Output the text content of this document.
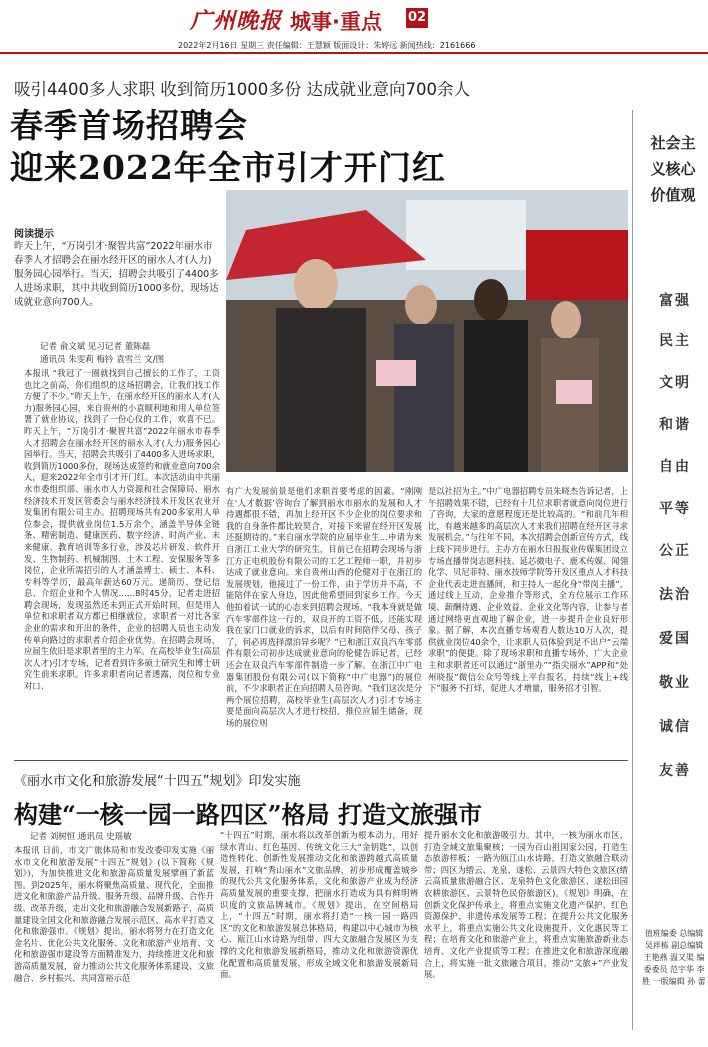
广州晚报 城事·重点 02
2022年2月16日 星期三 责任编辑：王慧颖 版面设计：朱婷远 新闻热线：2161666
吸引4400多人求职 收到简历1000多份 达成就业意向700余人
春季首场招聘会
迎来2022年全市引才开门红
阅读提示
昨天上午，“万岗引才·聚智共富”2022年丽水市春季人才招聘会在丽水经开区的丽水人才(人力)服务园心园举行。当天，招聘会共吸引了4400多人进场求职，其中共收到简历1000多份，现场达成就业意向700人。
记者 俞文斌 见习记者 董陈磊
通讯员 朱雯莉 梅钤 袁雪兰 文/图
本报讯 “我冠了一圈就找到自己擅长的工作了，工资也比之前高，你们组织的这场招聘会，让我们找工作方便了不少。”昨天上午，在丽水经开区的丽水人才(人力)服务园心园，来自贵州的小袁顺利地和用人单位签署了就业协议，找到了一份心仪的工作，欢喜不已。昨天上午，“万岗引才·聚智共富”2022年丽水市春季人才招聘会在丽水经开区的丽水人才(人力)服务园心园举行。当天，招聘会共吸引了4400多人进场求职，收到简历1000多份，现场达成签约和就业意向700余人，迎来2022年全市引才开门红。本次活动由中共丽水市委组织部、丽水市人力资源和社会保障局、丽水经济技术开发区管委会与丽水经济技术开发区农业开发集团有限公司主办。招聘现场共有200多家用人单位参会，提供就业岗位1.5万余个，涵盖半导体全链条、精密制造、健康医药、数字经济、时尚产业、未来健康、教育培训等多行业，涉及芯片研发、软件开发、生物制药、机械制图、土木工程、安保服务等多岗位，企业所需招引的人才涵盖博士、硕士、本科、专科等学历，最高年薪达60万元。递简历、登记信息、介绍企业和个人情况……8时45分，记者走进招聘会现场，发现虽然还未到正式开始时间，但是用人单位和求职者双方都已相继就位，求职者一对比各家企业的需求和开出的条件，企业的招聘人员也主动发传单向路过的求职者介绍企业优势。在招聘会现场，应届生依旧是求职者里的主力军。在高校毕业生(高层次人才)引才专场，记者看到许多硕士研究生和博士研究生前来求职。许多求职者向记者透露，岗位和专业对口、
有广大发展前景是他们求职首要考虑的因素。“刚刚在‘人才数据’咨询台了解到丽水市丽水的发展和人才待遇都很不错，再加上经开区不少企业的岗位要求和我的自身条件都比较契合，对接下来留在经开区发展还挺期待的。”来自丽水学院的应届毕业生…申请为来自浙江工业大学的研究生，目前已在招聘会现场与浙江方正电机股份有限公司的工艺工程师一职，并初步达成了就业意向。来自贵州山西的伦健对于在浙江的发展规划，他接过了一份工作，由于学历并不高，不能陪伴在家人身边，因此他希望回到家乡工作。今天他拍着试一试的心态来到招聘会现场。“我本身就是做汽车零部件这一行的，双良开的工资不低，还能实现我在家门口就业的诉求，以后有时间陪伴父母、孩子了，何必再选择漂泊异乡呢？”已和浙江双良汽车零部件有限公司初步达成就业意向的伦健告诉记者，已经还会在双良汽车零部件制造一步了解。在浙江中广电器集团股份有限公司(以下简称“中广电器”)的展位前，不少求职者正在向招聘人员咨询。“我们这次是分两个展位招聘，高校毕业生(高层次人才)引才专场主要是面向高层次人才进行校招，推位应届生储备，现场的展位则
是以社招为主。”中广电器招聘专员朱晓杰告诉记者，上午招聘效果不错，已经有十几位求职者就意向岗位进行了咨询，大家的意愿程度还是比较高的。“和前几年相比，有越来越多的高层次人才来我们招聘在经开区寻求发展机会。”与往年不同，本次招聘会创新宣传方式，线上线下同步进行。主办方在丽水日报报业传媒集团设立专场直播带岗志愿科技、延芯微电子、鹿术传媒、闻翎化学、贝尼菲特、丽水技师学院等开发区重点人才科技企业代表走进直播间，和主持人一起化身“带岗主播”，通过线上互动，企业推介等形式，全方位展示工作环境、薪酬待遇、企业效益、企业文化等内容，让参与者通过网络更直观地了解企业，进一步提升企业良好形象。据了解，本次直播专场观看人数达10万人次，提供就业岗位40余个，让求职人员体验到足不出户“云端求职”的便捷。除了现场求职和直播专场外，广大企业主和求职者还可以通过“浙里办”“指尖丽水”APP和“处州晓报”微信公众号等线上平台报名，持续“线上+线下”服务不打烊，促进人才增量，服务招才引智。
社会主义核心价值观
富强
民主
文明
和谐
自由
平等
公正
法治
爱国
敬业
诚信
友善
《丽水市文化和旅游发展“十四五”规划》印发实施
构建“一核一园一路四区”格局 打造文旅强市
记者 刘树恒 通讯员 史瑶敏
本报讯 日前，市文广旅体局和市发改委印发实施《丽水市文化和旅游发展“十四五”规划》(以下简称《规划》)，为加快推进文化和旅游高质量发展擘画了新蓝图。到2025年，丽水将聚焦高质量、现代化，全面推进文化和旅游产品升级、服务升级、品牌升级、合作升级、改革升级，走出文化和旅游融合发展新路子，高质量建设全国文化和旅游融合发展示范区，高水平打造文化和旅游强市。《规划》提出，丽水将努力在打造文化金名片、优化公共文化服务、文化和旅游产业培育、文化和旅游强市建设等方面精准发力，持续推进文化和旅游高质量发展，奋力推动公共文化服务体系建设、文旅融合、乡村振兴、共同富裕示范
“十四五”时期，丽水将以改革创新为根本动力，用好绿水青山、红色基因、传统文化三大“金钥匙”，以创造性转化、创新性发展推动文化和旅游跨越式高质量发展，打响“秀山丽水”文旅品牌，初步形成覆盖城乡的现代公共文化服务体系，文化和旅游产业成为经济高质量发展的重要支撑，把丽水打造成为具有鲜明辨识度的文旅品牌城市。《规划》提出，在空间格局上，“十四五”时期，丽水将打造“一核一园一路四区”的文化和旅游发展总体格局，构建以中心城市为核心、瓯江山水诗路为纽带、四大文旅融合发展区为支撑的文化和旅游发展新格局，推动文化和旅游资源优化配置和高质量发展，形成全域文化和旅游发展新局面。
提升丽水文化和旅游吸引力。其中，一核为丽水市区，打造全域文旅集聚核；一园为百山祖国家公园，打造生态旅游样板；一路为瓯江山水诗路，打造文旅融合联动带；四区为缙云、龙泉、遂松、云景四大特色文旅区(缙云高质量旅游融合区、龙泉特色文化旅游区、遂松田园农耕旅游区、云景特色民俗旅游区)。《规划》明确，在创新文化保护传承上，将重点实施文化遗产保护、红色资源保护、非遗传承发展等工程；在提升公共文化服务水平上，将重点实施公共文化设施提升、文化惠民等工程；在培育文化和旅游产业上，将重点实施旅游新业态培育、文化产业提质等工程；在推进文化和旅游深度融合上，将实施一批文旅融合项目，推动“文旅+”产业发展。
值班编委 总编辑 吴祥栋 副总编辑 王艳燕 温又渠 编委委员 范宇华 李 胜 一版编辑 孙 蕾
